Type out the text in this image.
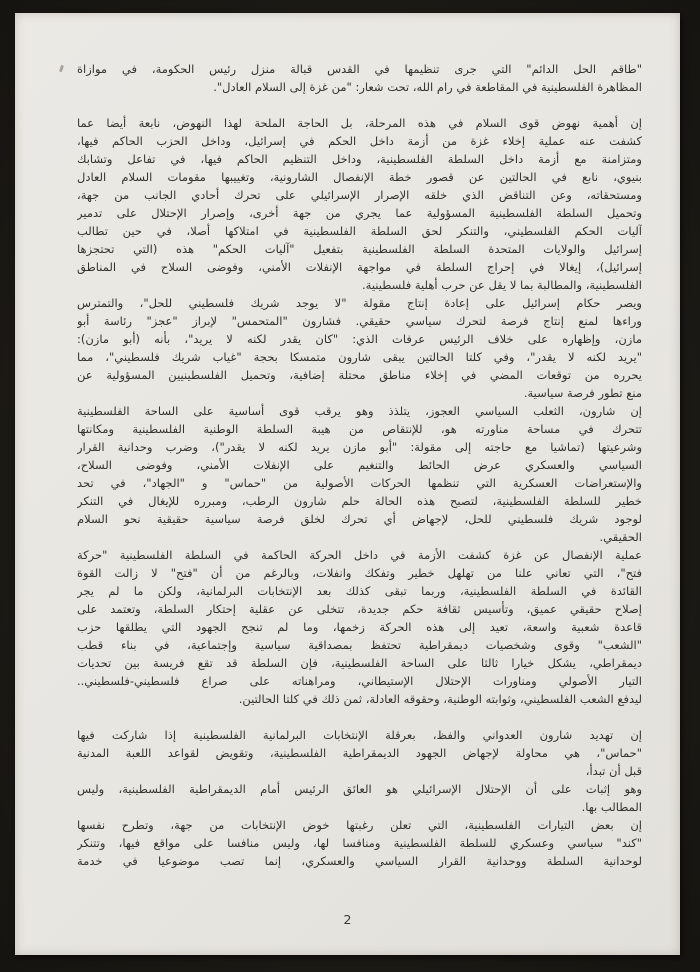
"طاقم الحل الدائم" التي جرى تنظيمها في القدس قبالة منزل رئيس الحكومة، في موازاة
المظاهرة الفلسطينية في المقاطعة في رام الله، تحت شعار: "من غزة إلى السلام العادل".
إن أهمية نهوض قوى السلام في هذه المرحلة، بل الحاجة الملحة لهذا النهوض، نابعة أيضا عما
كشفت عنه عملية إخلاء غزة من أزمة داخل الحكم في إسرائيل، وداخل الحزب الحاكم فيها،
ومتزامنة مع أزمة داخل السلطة الفلسطينية، وداخل التنظيم الحاكم فيها، في تفاعل وتشابك
بنيوي، نابع في الحالتين عن قصور خطة الإنفصال الشارونية، وتغييبها مقومات السلام العادل
ومستحقاته، وعن التناقض الذي خلقه الإصرار الإسرائيلي على تحرك أحادي الجانب من جهة،
وتحميل السلطة الفلسطينية المسؤولية عما يجري من جهة أخرى، وإصرار الإحتلال على تدمير
آليات الحكم الفلسطيني، والتنكر لحق السلطة الفلسطينية في امتلاكها أصلا، في حين تطالب
إسرائيل والولايات المتحدة السلطة الفلسطينية بتفعيل "آليات الحكم" هذه (التي تحتجزها
إسرائيل)، إيغالا في إحراج السلطة في مواجهة الإنفلات الأمني، وفوضى السلاح في المناطق
الفلسطينية، والمطالبة بما لا يقل عن حرب أهلية فلسطينية.
ويصر حكام إسرائيل على إعادة إنتاج مقولة "لا يوجد شريك فلسطيني للحل"، والتمترس
وراءها لمنع إنتاج فرصة لتحرك سياسي حقيقي. فشارون "المتحمس" لإبراز "عجز" رئاسة أبو
مازن، وإظهاره على خلاف الرئيس عرفات الذي: "كان يقدر لكنه لا يريد"، بأنه (أبو مازن):
"يريد لكنه لا يقدر"، وفي كلتا الحالتين يبقى شارون متمسكا بحجة "غياب شريك فلسطيني"، مما
يحرره من توقعات المضي في إخلاء مناطق محتلة إضافية، وتحميل الفلسطينيين المسؤولية عن
منع تطور فرصة سياسية.
إن شارون، الثعلب السياسي العجوز، يتلذذ وهو يرقب قوى أساسية على الساحة الفلسطينية
تتحرك في مساحة مناورته هو، للإنتقاص من هيبة السلطة الوطنية الفلسطينية ومكانتها
وشرعيتها (تماشيا مع حاجته إلى مقولة: "أبو مازن يريد لكنه لا يقدر")، وضرب وحدانية القرار
السياسي والعسكري عرض الحائط والتنغيم على الإنفلات الأمني، وفوضى السلاح،
والإستعراضات العسكرية التي تنظمها الحركات الأصولية من "حماس" و "الجهاد"، في تحد
خطير للسلطة الفلسطينية، لتصبح هذه الحالة حلم شارون الرطب، ومبرره للإيغال في التنكر
لوجود شريك فلسطيني للحل، لإجهاض أي تحرك لخلق فرصة سياسية حقيقية نحو السلام
الحقيقي.
عملية الإنفصال عن غزة كشفت الأزمة في داخل الحركة الحاكمة في السلطة الفلسطينية "حركة
فتح"، التي تعاني علنا من تهلهل خطير وتفكك وانفلات، وبالرغم من أن "فتح" لا زالت القوة
القائدة في السلطة الفلسطينية، وربما تبقى كذلك بعد الإنتخابات البرلمانية، ولكن ما لم يجر
إصلاح حقيقي عميق، وتأسيس ثقافة حكم جديدة، تتخلى عن عقلية إحتكار السلطة، وتعتمد على
قاعدة شعبية واسعة، تعيد إلى هذه الحركة زخمها، وما لم تنجح الجهود التي يطلقها حزب
"الشعب" وقوى وشخصيات ديمقراطية تحتفظ بمصداقية سياسية وإجتماعية، في بناء قطب
ديمقراطي، يشكل خيارا ثالثا على الساحة الفلسطينية، فإن السلطة قد تقع فريسة بين تحديات
التيار الأصولي ومناورات الإحتلال الإستيطاني، ومراهناته على صراع فلسطيني-فلسطيني..
ليدفع الشعب الفلسطيني، وثوابته الوطنية، وحقوقه العادلة، ثمن ذلك في كلتا الحالتين.
إن تهديد شارون العدواني والفظ، بعرقلة الإنتخابات البرلمانية الفلسطينية إذا شاركت فيها
"حماس"، هي محاولة لإجهاض الجهود الديمقراطية الفلسطينية، وتقويض لقواعد اللعبة المدنية
قبل أن تبدأ،
وهو إثبات على أن الإحتلال الإسرائيلي هو العائق الرئيس أمام الديمقراطية الفلسطينية، وليس
المطالب بها.
إن بعض التيارات الفلسطينية، التي تعلن رغبتها خوض الإنتخابات من جهة، وتطرح نفسها
"كند" سياسي وعسكري للسلطة الفلسطينية ومنافسا لها، وليس منافسا على مواقع فيها، وتتنكر
لوحدانية السلطة ووحدانية القرار السياسي والعسكري، إنما تصب موضوعيا في خدمة
2
